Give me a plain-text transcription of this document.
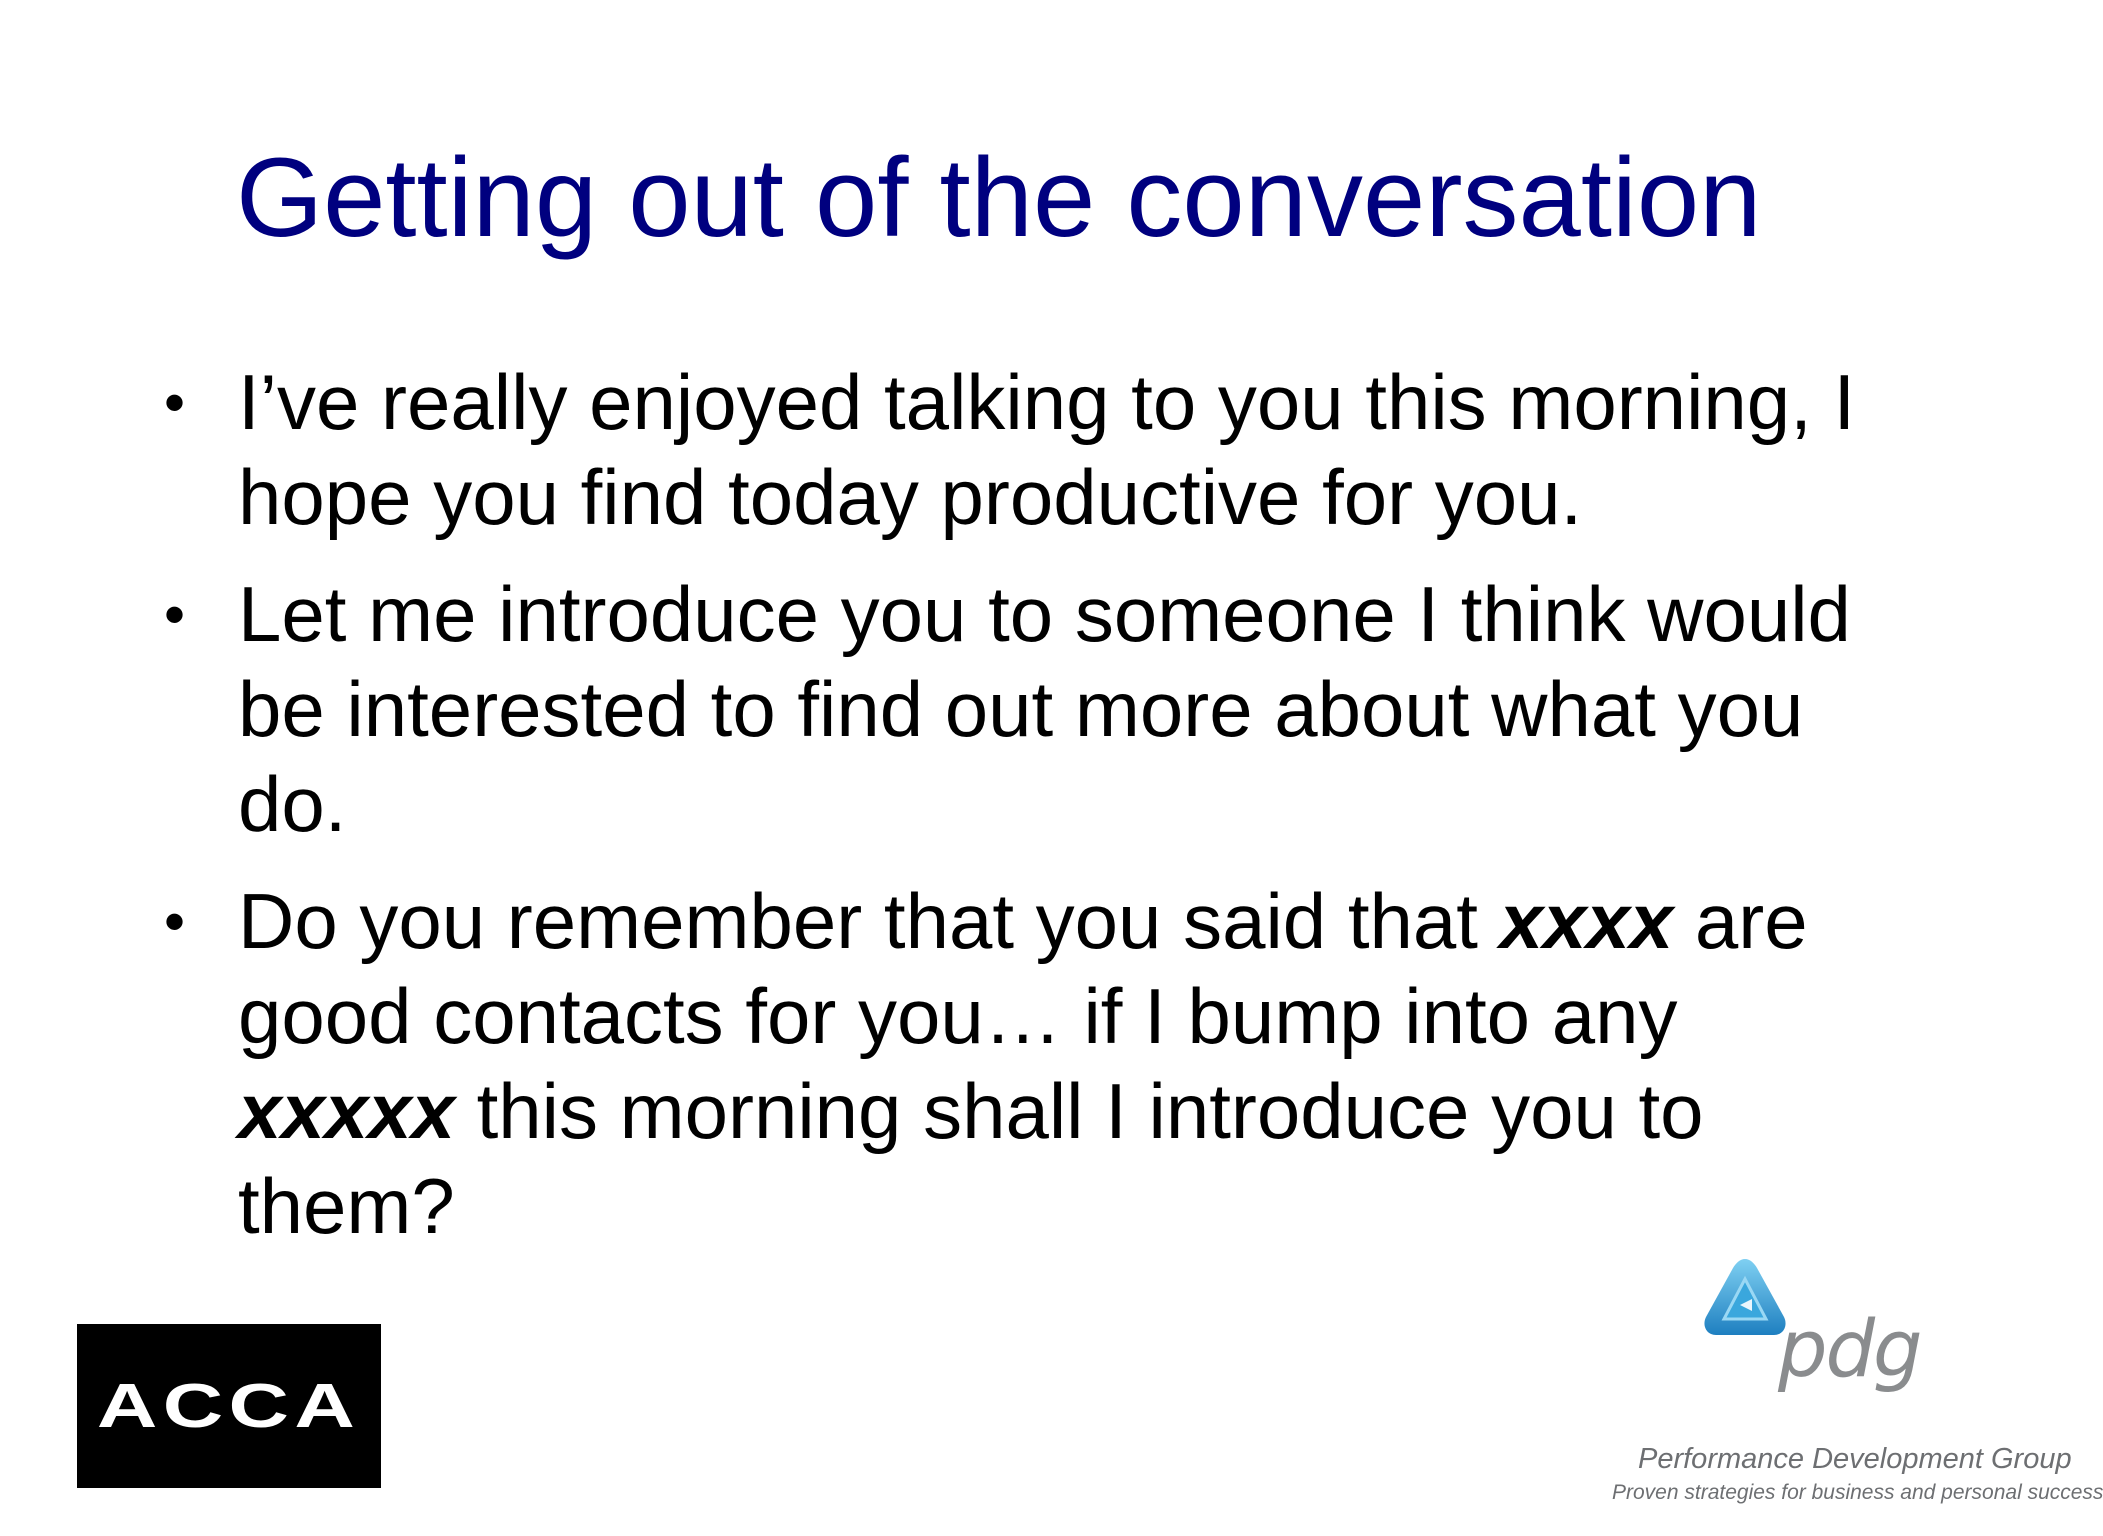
Getting out of the conversation
• I’ve really enjoyed talking to you this morning, I hope you find today productive for you.
• Let me introduce you to someone I think would be interested to find out more about what you do.
• Do you remember that you said that xxxx are good contacts for you… if I bump into any xxxxx this morning shall I introduce you to them?
ACCA
pdg
Performance Development Group
Proven strategies for business and personal success
